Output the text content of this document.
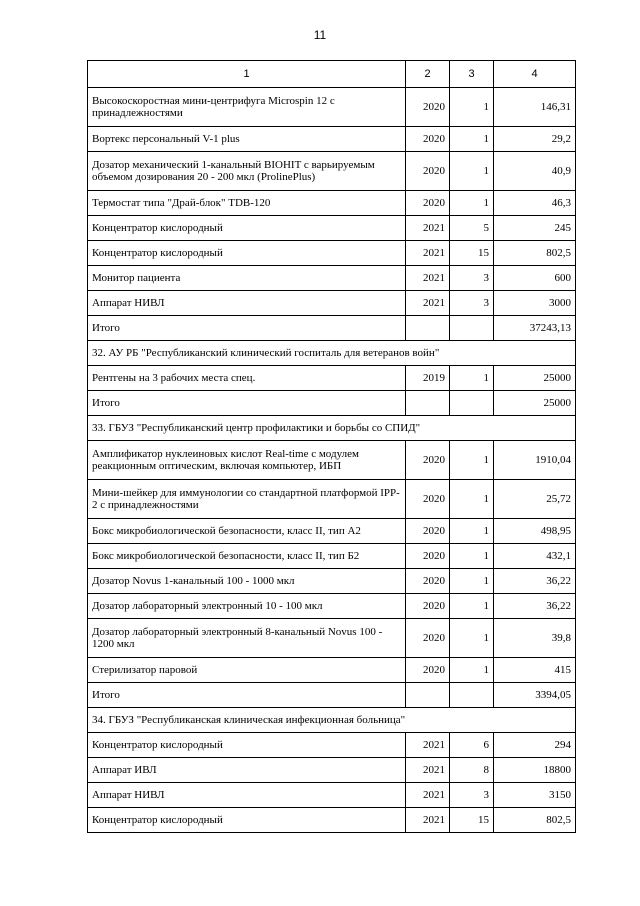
11
1	2	3	4
Высокоскоростная мини-центрифуга Microspin 12 с принадлежностями	2020	1	146,31
Вортекс персональный V-1 plus	2020	1	29,2
Дозатор механический 1-канальный BIOHIT с варьируемым объемом дозирования 20 - 200 мкл (ProlinePlus)	2020	1	40,9
Термостат типа "Драй-блок" TDB-120	2020	1	46,3
Концентратор кислородный	2021	5	245
Концентратор кислородный	2021	15	802,5
Монитор пациента	2021	3	600
Аппарат НИВЛ	2021	3	3000
Итого			37243,13
32. АУ РБ "Республиканский клинический госпиталь для ветеранов войн"			
Рентгены на 3 рабочих места спец.	2019	1	25000
Итого			25000
33. ГБУЗ "Республиканский центр профилактики и борьбы со СПИД"			
Амплификатор нуклеиновых кислот Real-time с модулем реакционным оптическим, включая компьютер, ИБП	2020	1	1910,04
Мини-шейкер для иммунологии со стандартной платформой IPP-2 с принадлежностями	2020	1	25,72
Бокс микробиологической безопасности, класс II, тип А2	2020	1	498,95
Бокс микробиологической безопасности, класс II, тип Б2	2020	1	432,1
Дозатор Novus 1-канальный 100 - 1000 мкл	2020	1	36,22
Дозатор лабораторный электронный 10 - 100 мкл	2020	1	36,22
Дозатор лабораторный электронный 8-канальный Novus 100 - 1200 мкл	2020	1	39,8
Стерилизатор паровой	2020	1	415
Итого			3394,05
34. ГБУЗ "Республиканская клиническая инфекционная больница"			
Концентратор кислородный	2021	6	294
Аппарат ИВЛ	2021	8	18800
Аппарат НИВЛ	2021	3	3150
Концентратор кислородный	2021	15	802,5
